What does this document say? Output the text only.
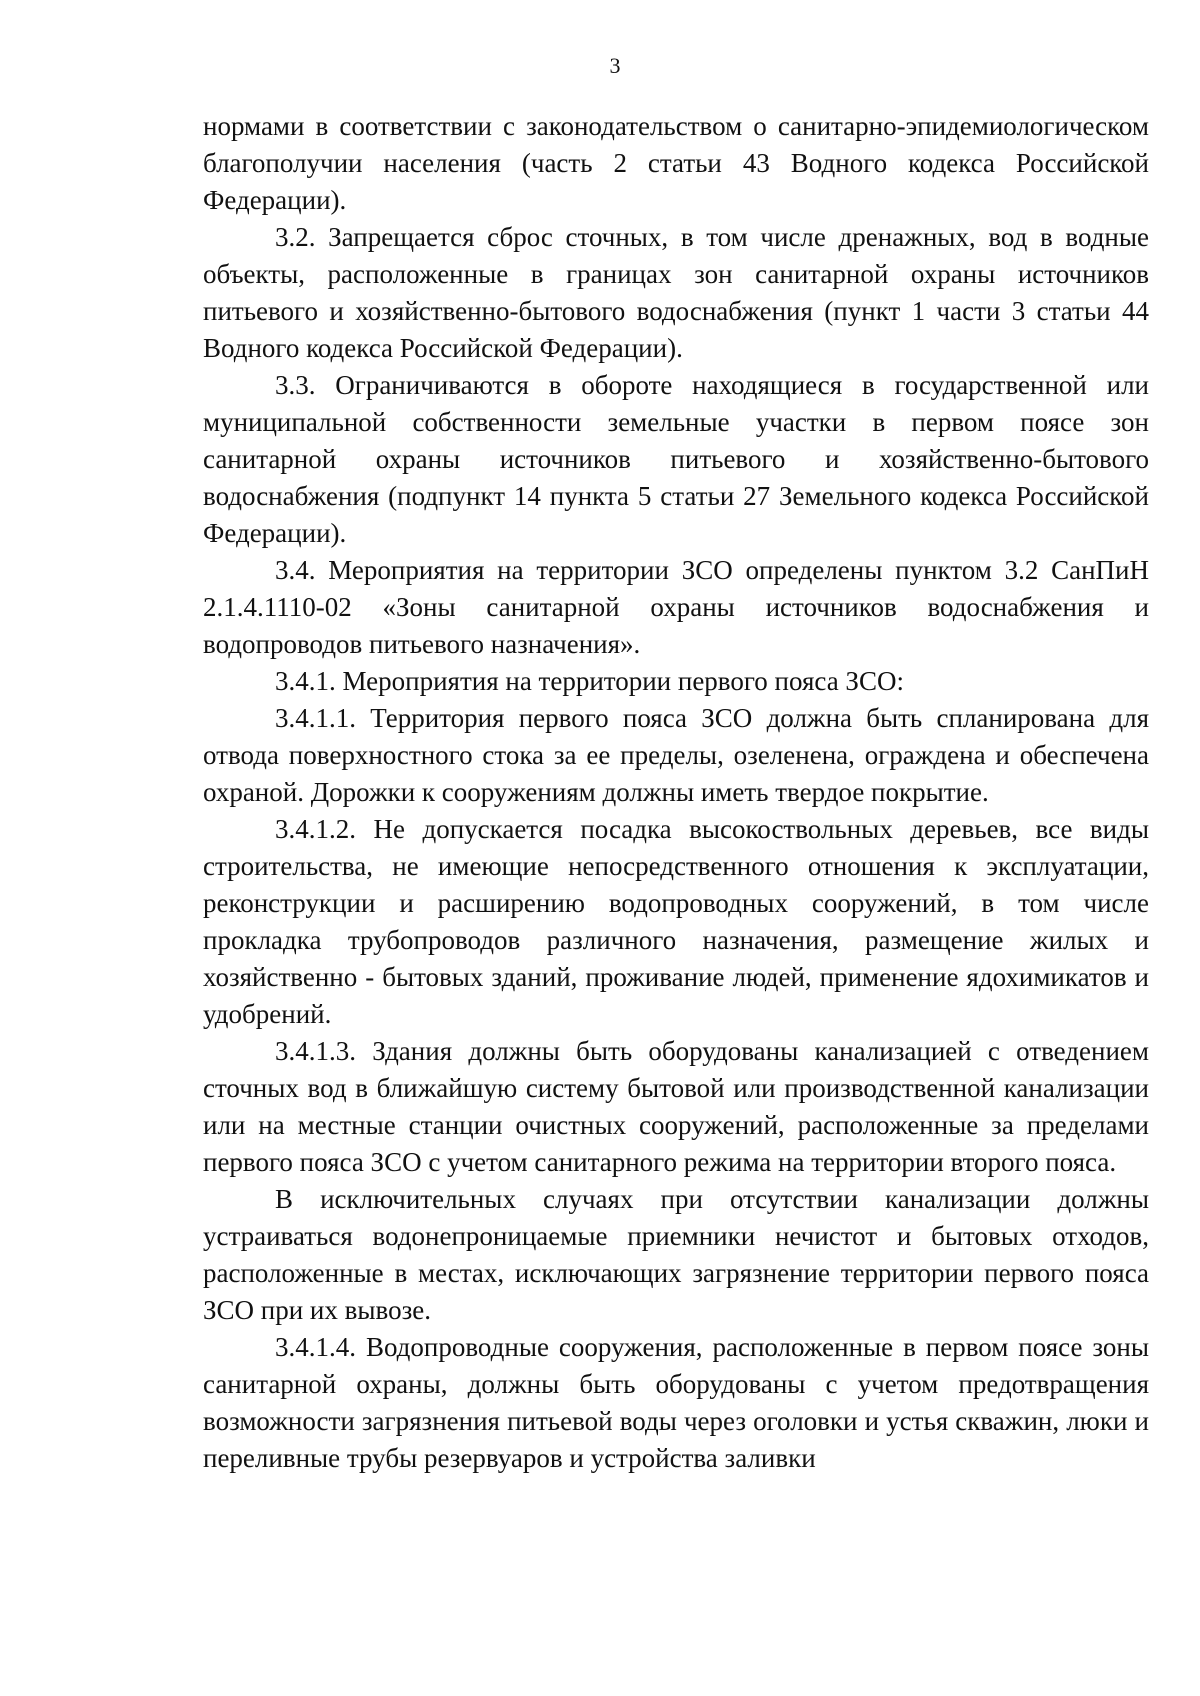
3

нормами в соответствии с законодательством о санитарно-эпидемиологическом благополучии населения (часть 2 статьи 43 Водного кодекса Российской Федерации).

3.2. Запрещается сброс сточных, в том числе дренажных, вод в водные объекты, расположенные в границах зон санитарной охраны источников питьевого и хозяйственно-бытового водоснабжения (пункт 1 части 3 статьи 44 Водного кодекса Российской Федерации).

3.3. Ограничиваются в обороте находящиеся в государственной или муниципальной собственности земельные участки в первом поясе зон санитарной охраны источников питьевого и хозяйственно-бытового водоснабжения (подпункт 14 пункта 5 статьи 27 Земельного кодекса Российской Федерации).

3.4. Мероприятия на территории ЗСО определены пунктом 3.2 СанПиН 2.1.4.1110-02 «Зоны санитарной охраны источников водоснабжения и водопроводов питьевого назначения».

3.4.1. Мероприятия на территории первого пояса ЗСО:

3.4.1.1. Территория первого пояса ЗСО должна быть спланирована для отвода поверхностного стока за ее пределы, озеленена, ограждена и обеспечена охраной. Дорожки к сооружениям должны иметь твердое покрытие.

3.4.1.2. Не допускается посадка высокоствольных деревьев, все виды строительства, не имеющие непосредственного отношения к эксплуатации, реконструкции и расширению водопроводных сооружений, в том числе прокладка трубопроводов различного назначения, размещение жилых и хозяйственно - бытовых зданий, проживание людей, применение ядохимикатов и удобрений.

3.4.1.3. Здания должны быть оборудованы канализацией с отведением сточных вод в ближайшую систему бытовой или производственной канализации или на местные станции очистных сооружений, расположенные за пределами первого пояса ЗСО с учетом санитарного режима на территории второго пояса.

В исключительных случаях при отсутствии канализации должны устраиваться водонепроницаемые приемники нечистот и бытовых отходов, расположенные в местах, исключающих загрязнение территории первого пояса ЗСО при их вывозе.

3.4.1.4. Водопроводные сооружения, расположенные в первом поясе зоны санитарной охраны, должны быть оборудованы с учетом предотвращения возможности загрязнения питьевой воды через оголовки и устья скважин, люки и переливные трубы резервуаров и устройства заливки
